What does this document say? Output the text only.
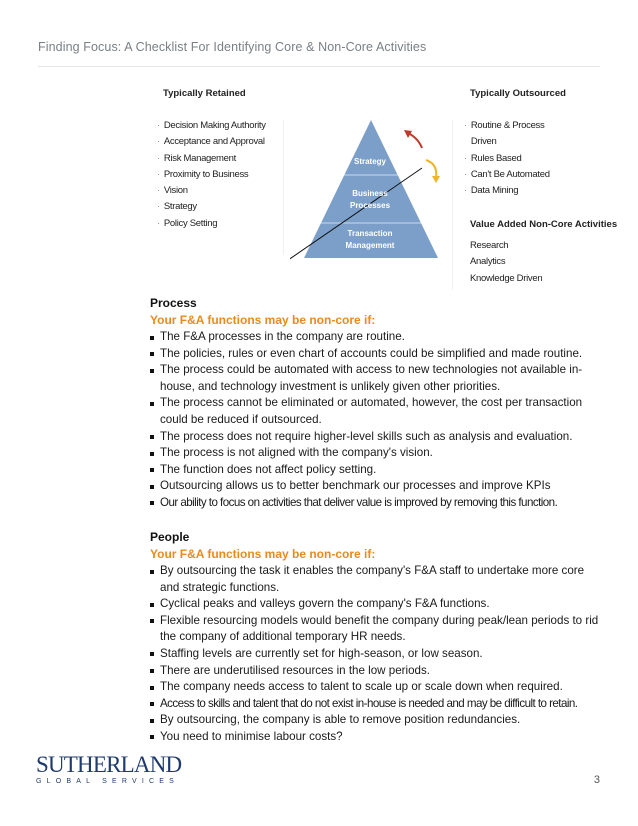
Finding Focus: A Checklist For Identifying Core & Non-Core Activities
Typically Retained
· Decision Making Authority
· Acceptance and Approval
· Risk Management
· Proximity to Business
· Vision
· Strategy
· Policy Setting
Strategy
Business
Processes
Transaction
Management
Typically Outsourced
· Routine & Process
Driven
· Rules Based
· Can't Be Automated
· Data Mining
Value Added Non-Core Activities
Research
Analytics
Knowledge Driven
Process
Your F&A functions may be non-core if:
The F&A processes in the company are routine.
The policies, rules or even chart of accounts could be simplified and made routine.
The process could be automated with access to new technologies not available in-house, and technology investment is unlikely given other priorities.
The process cannot be eliminated or automated, however, the cost per transaction could be reduced if outsourced.
The process does not require higher-level skills such as analysis and evaluation.
The process is not aligned with the company's vision.
The function does not affect policy setting.
Outsourcing allows us to better benchmark our processes and improve KPIs
Our ability to focus on activities that deliver value is improved by removing this function.
People
Your F&A functions may be non-core if:
By outsourcing the task it enables the company's F&A staff to undertake more core and strategic functions.
Cyclical peaks and valleys govern the company's F&A functions.
Flexible resourcing models would benefit the company during peak/lean periods to rid the company of additional temporary HR needs.
Staffing levels are currently set for high-season, or low season.
There are underutilised resources in the low periods.
The company needs access to talent to scale up or scale down when required.
Access to skills and talent that do not exist in-house is needed and may be difficult to retain.
By outsourcing, the company is able to remove position redundancies.
You need to minimise labour costs?
SUTHERLAND
GLOBAL SERVICES	3
